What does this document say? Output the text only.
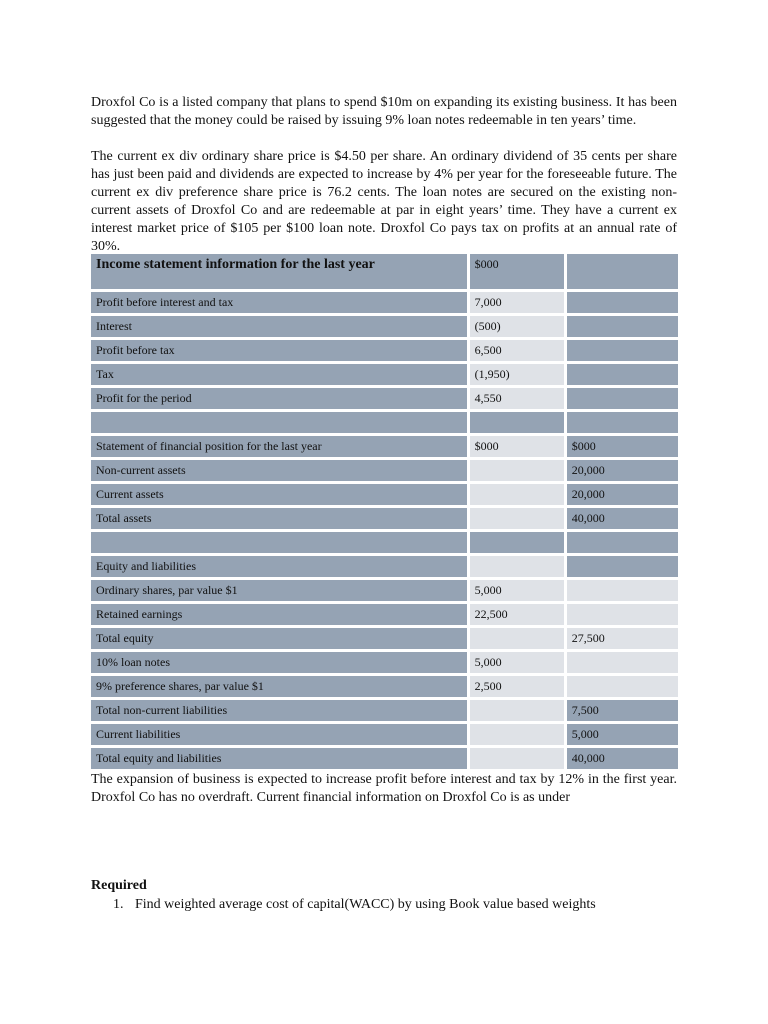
Droxfol Co is a listed company that plans to spend $10m on expanding its existing business. It has been suggested that the money could be raised by issuing 9% loan notes redeemable in ten years’ time.

The current ex div ordinary share price is $4.50 per share. An ordinary dividend of 35 cents per share has just been paid and dividends are expected to increase by 4% per year for the foreseeable future. The current ex div preference share price is 76.2 cents. The loan notes are secured on the existing non-current assets of Droxfol Co and are redeemable at par in eight years’ time. They have a current ex interest market price of $105 per $100 loan note. Droxfol Co pays tax on profits at an annual rate of 30%.

Income statement information for the last year	$000	
Profit before interest and tax	7,000	
Interest	(500)	
Profit before tax	6,500	
Tax	(1,950)	
Profit for the period	4,550	

Statement of financial position for the last year	$000	$000
Non-current assets		20,000
Current assets		20,000
Total assets		40,000

Equity and liabilities		
Ordinary shares, par value $1	5,000	
Retained earnings	22,500	
Total equity		27,500
10% loan notes	5,000	
9% preference shares, par value $1	2,500	
Total non-current liabilities		7,500
Current liabilities		5,000
Total equity and liabilities		40,000

The expansion of business is expected to increase profit before interest and tax by 12% in the first year. Droxfol Co has no overdraft. Current financial information on Droxfol Co is as under

Required

1. Find weighted average cost of capital(WACC) by using Book value based weights
